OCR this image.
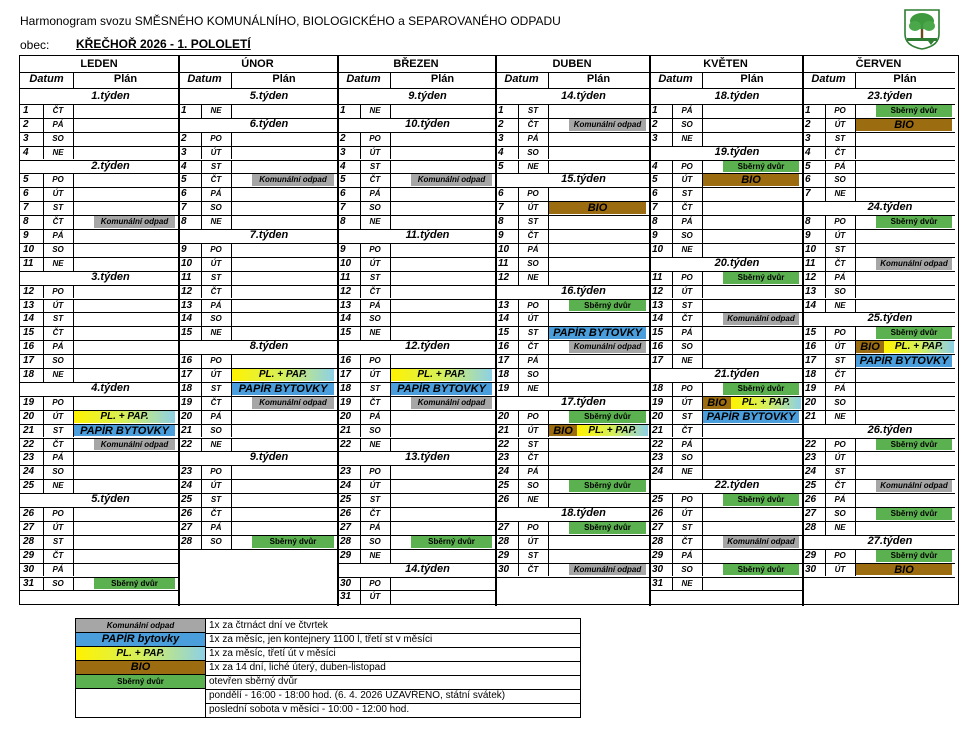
Harmonogram svozu SMĚSNÉHO KOMUNÁLNÍHO, BIOLOGICKÉHO a SEPAROVANÉHO ODPADU
obec: KŘEČHOŘ 2026 - 1. POLOLETÍ
LEDEN
Datum	Plán
1.týden
1	ČT
2	PÁ
3	SO
4	NE
2.týden
5	PO
6	ÚT
7	ST
8	ČT	Komunální odpad
9	PÁ
10	SO
11	NE
3.týden
12	PO
13	ÚT
14	ST
15	ČT
16	PÁ
17	SO
18	NE
4.týden
19	PO
20	ÚT	PL. + PAP.
21	ST	PAPÍR BYTOVKY
22	ČT	Komunální odpad
23	PÁ
24	SO
25	NE
5.týden
26	PO
27	ÚT
28	ST
29	ČT
30	PÁ
31	SO	Sběrný dvůr
ÚNOR
Datum	Plán
5.týden
1	NE
6.týden
2	PO
3	ÚT
4	ST
5	ČT	Komunální odpad
6	PÁ
7	SO
8	NE
7.týden
9	PO
10	ÚT
11	ST
12	ČT
13	PÁ
14	SO
15	NE
8.týden
16	PO
17	ÚT	PL. + PAP.
18	ST	PAPÍR BYTOVKY
19	ČT	Komunální odpad
20	PÁ
21	SO
22	NE
9.týden
23	PO
24	ÚT
25	ST
26	ČT
27	PÁ
28	SO	Sběrný dvůr
BŘEZEN
Datum	Plán
9.týden
1	NE
10.týden
2	PO
3	ÚT
4	ST
5	ČT	Komunální odpad
6	PÁ
7	SO
8	NE
11.týden
9	PO
10	ÚT
11	ST
12	ČT
13	PÁ
14	SO
15	NE
12.týden
16	PO
17	ÚT	PL. + PAP.
18	ST	PAPÍR BYTOVKY
19	ČT	Komunální odpad
20	PÁ
21	SO
22	NE
13.týden
23	PO
24	ÚT
25	ST
26	ČT
27	PÁ
28	SO	Sběrný dvůr
29	NE
14.týden
30	PO
31	ÚT
DUBEN
Datum	Plán
14.týden
1	ST
2	ČT	Komunální odpad
3	PÁ
4	SO
5	NE
15.týden
6	PO
7	ÚT	BIO
8	ST
9	ČT
10	PÁ
11	SO
12	NE
16.týden
13	PO	Sběrný dvůr
14	ÚT
15	ST	PAPÍR BYTOVKY
16	ČT	Komunální odpad
17	PÁ
18	SO
19	NE
17.týden
20	PO	Sběrný dvůr
21	ÚT	BIO	PL. + PAP.
22	ST
23	ČT
24	PÁ
25	SO	Sběrný dvůr
26	NE
18.týden
27	PO	Sběrný dvůr
28	ÚT
29	ST
30	ČT	Komunální odpad
KVĚTEN
Datum	Plán
18.týden
1	PÁ
2	SO
3	NE
19.týden
4	PO	Sběrný dvůr
5	ÚT	BIO
6	ST
7	ČT
8	PÁ
9	SO
10	NE
20.týden
11	PO	Sběrný dvůr
12	ÚT
13	ST
14	ČT	Komunální odpad
15	PÁ
16	SO
17	NE
21.týden
18	PO	Sběrný dvůr
19	ÚT	BIO	PL. + PAP.
20	ST	PAPÍR BYTOVKY
21	ČT
22	PÁ
23	SO
24	NE
22.týden
25	PO	Sběrný dvůr
26	ÚT
27	ST
28	ČT	Komunální odpad
29	PÁ
30	SO	Sběrný dvůr
31	NE
ČERVEN
Datum	Plán
23.týden
1	PO	Sběrný dvůr
2	ÚT	BIO
3	ST
4	ČT
5	PÁ
6	SO
7	NE
24.týden
8	PO	Sběrný dvůr
9	ÚT
10	ST
11	ČT	Komunální odpad
12	PÁ
13	SO
14	NE
25.týden
15	PO	Sběrný dvůr
16	ÚT	BIO	PL. + PAP.
17	ST	PAPÍR BYTOVKY
18	ČT
19	PÁ
20	SO
21	NE
26.týden
22	PO	Sběrný dvůr
23	ÚT
24	ST
25	ČT	Komunální odpad
26	PÁ
27	SO	Sběrný dvůr
28	NE
27.týden
29	PO	Sběrný dvůr
30	ÚT	BIO
Komunální odpad	1x za čtrnáct dní ve čtvrtek
PAPÍR bytovky	1x za měsíc, jen kontejnery 1100 l, třetí st v měsíci
PL. + PAP.	1x za měsíc, třetí út v měsíci
BIO	1x za 14 dní, liché úterý, duben-listopad
Sběrný dvůr	otevřen sběrný dvůr
pondělí - 16:00 - 18:00 hod. (6. 4. 2026 UZAVŘENO, státní svátek)
poslední sobota v měsíci - 10:00 - 12:00 hod.
